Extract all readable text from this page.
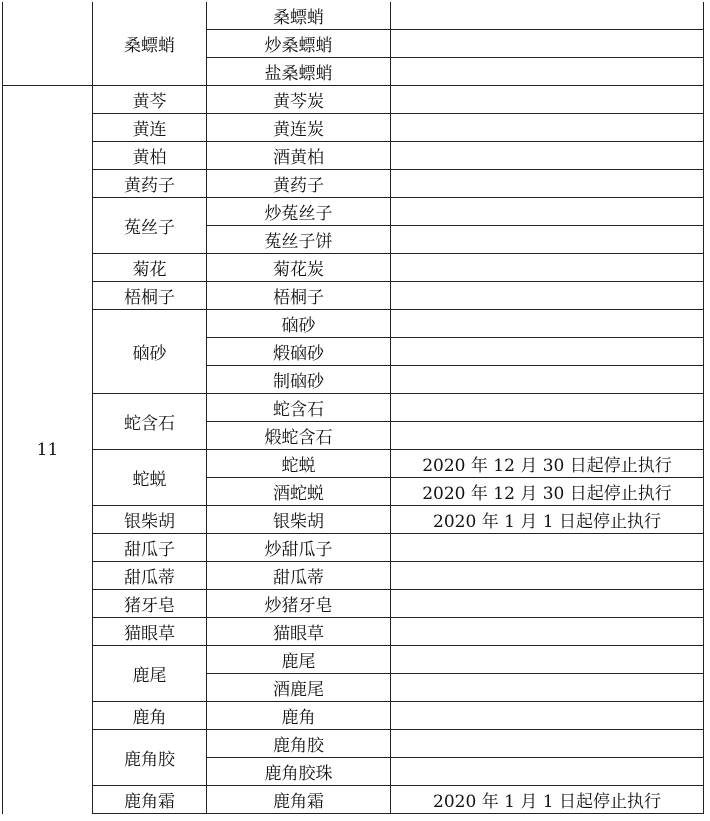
	桑螵蛸	桑螵蛸	
		炒桑螵蛸	
		盐桑螵蛸	
11	黄芩	黄芩炭	
	黄连	黄连炭	
	黄柏	酒黄柏	
	黄药子	黄药子	
	菟丝子	炒菟丝子	
		菟丝子饼	
	菊花	菊花炭	
	梧桐子	梧桐子	
	硇砂	硇砂	
		煅硇砂	
		制硇砂	
	蛇含石	蛇含石	
		煅蛇含石	
	蛇蜕	蛇蜕	2020 年 12 月 30 日起停止执行
		酒蛇蜕	2020 年 12 月 30 日起停止执行
	银柴胡	银柴胡	2020 年 1 月 1 日起停止执行
	甜瓜子	炒甜瓜子	
	甜瓜蒂	甜瓜蒂	
	猪牙皂	炒猪牙皂	
	猫眼草	猫眼草	
	鹿尾	鹿尾	
		酒鹿尾	
	鹿角	鹿角	
	鹿角胶	鹿角胶	
		鹿角胶珠	
	鹿角霜	鹿角霜	2020 年 1 月 1 日起停止执行
